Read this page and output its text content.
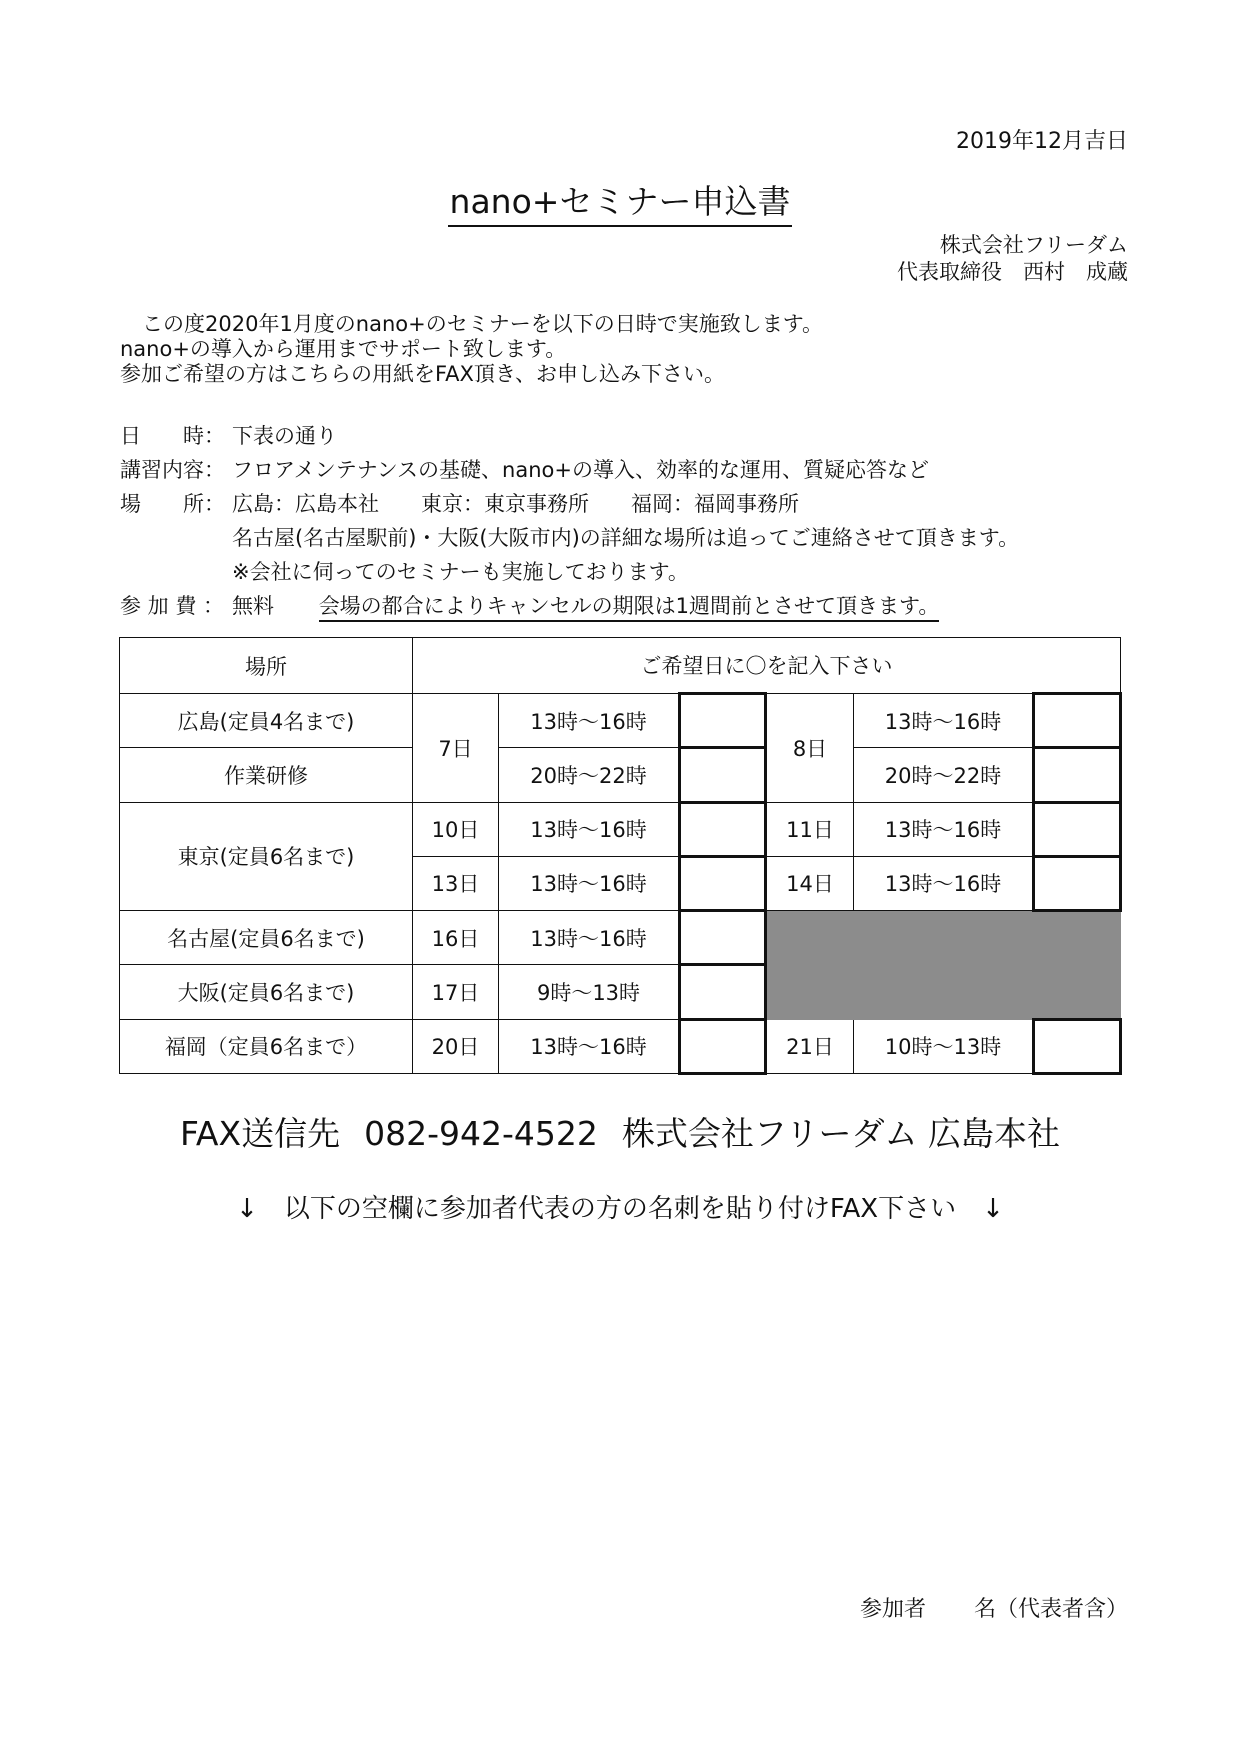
2019年12月吉日
nano+セミナー申込書
株式会社フリーダム
代表取締役　西村　成蔵
この度2020年1月度のnano+のセミナーを以下の日時で実施致します。
nano+の導入から運用までサポート致します。
参加ご希望の方はこちらの用紙をFAX頂き、お申し込み下さい。
日　　時： 下表の通り
講習内容： フロアメンテナンスの基礎、nano+の導入、効率的な運用、質疑応答など
場　　所： 広島：広島本社　　東京：東京事務所　　福岡：福岡事務所
名古屋(名古屋駅前)・大阪(大阪市内)の詳細な場所は追ってご連絡させて頂きます。
※会社に伺ってのセミナーも実施しております。
参 加 費 ： 無料 会場の都合によりキャンセルの期限は1週間前とさせて頂きます。
場所	ご希望日に〇を記入下さい					
広島(定員4名まで)	7日	13時〜16時		8日	13時〜16時	
作業研修		20時〜22時			20時〜22時	
東京(定員6名まで)	10日	13時〜16時		11日	13時〜16時	
	13日	13時〜16時		14日	13時〜16時	
名古屋(定員6名まで)	16日	13時〜16時				
大阪(定員6名まで)	17日	9時〜13時				
福岡（定員6名まで）	20日	13時〜16時		21日	10時〜13時	
FAX送信先 082-942-4522 株式会社フリーダム 広島本社
↓ 以下の空欄に参加者代表の方の名刺を貼り付けFAX下さい ↓
参加者 名（代表者含）
